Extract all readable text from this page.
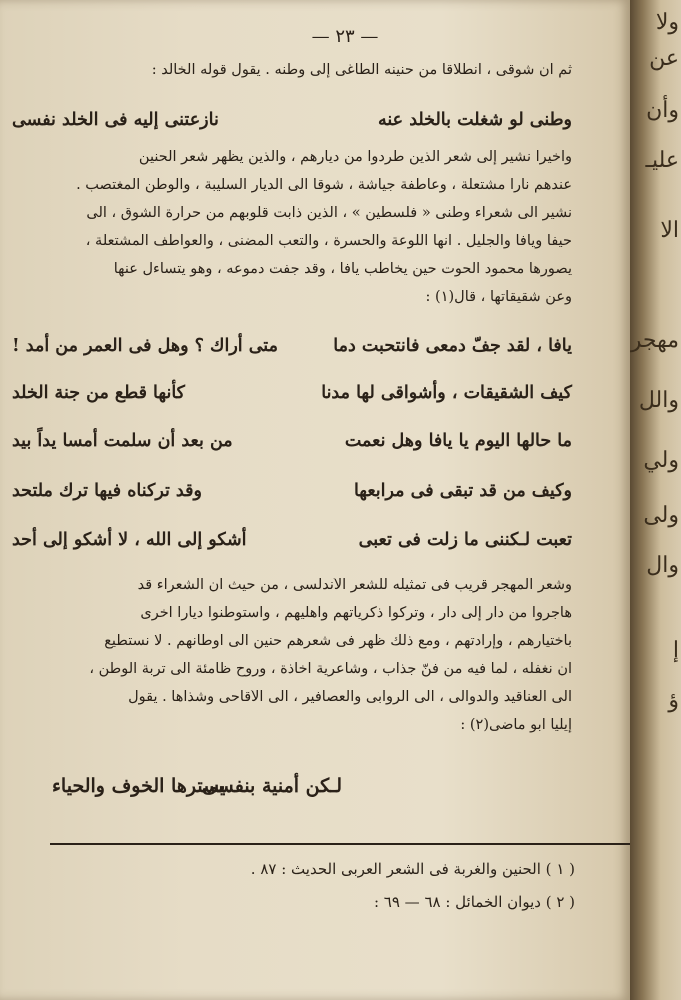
— ٢٣ —
ثم أن شوقى ، انطلاقاً من حنينه الطاغى إلى وطنه . يقول قوله الخالد :
وطنى لو شغلت بالخلد عنه
نازعتنى إليه فى الخلد نفسى
وأخيراً نشير إلى شعر الذين طردوا من ديارهم ، والذين يظهر شعر الحنين
عندهم ناراً مشتعلة ، وعاطفة جياشة ، شوقاً الى الديار السليبة ، والوطن المغتصب .
نشير الى شعراء وطنى « فلسطين » ، الذين ذابت قلوبهم من حرارة الشوق ، الى
حيفا ويافا والجليل . انها اللوعة والحسرة ، والتعب المضنى ، والعواطف المشتعلة ،
يصورها محمود الحوت حين يخاطب يافا ، وقد جفت دموعه ، وهو يتساءل عنها
وعن شقيقاتها ، قال(١) :
يافا ، لقد جفّ دمعى فانتحبت دما
متى أراك ؟ وهل فى العمر من أمد !
كيف الشقيقات ، وأشواقى لها مدنا
كأنها قطع من جنة الخلد
ما حالها اليوم يا يافا وهل نعمت
من بعد أن سلمت أمسا يداً بيد
وكيف من قد تبقى فى مرابعها
وقد تركناه فيها ترك ملتحد
تعبت لـكننى ما زلت فى تعبى
أشكو إلى الله ، لا أشكو إلى أحد
وشعر المهجر قريب فى تمثيله للشعر الأندلسى ، من حيث أن الشعراء قد
هاجروا من دار إلى دار ، وتركوا ذكرياتهم وأهليهم ، واستوطنوا دياراً أخرى
باختيارهم ، وإرادتهم ، ومع ذلك ظهر فى شعرهم حنين الى أوطانهم . لا نستطيع
أن نغفله ، لما فيه من فنّ جذاب ، وشاعرية أخاذة ، وروح ظامئة الى تربة الوطن ،
الى العناقيد والدوالى ، الى الروابى والعصافير ، الى الأقاحى وشذاها . يقول
إيليا أبو ماضى(٢) :
لـكن أمنية بنفسى
يسترها الخوف والحياء
( ١ ) الحنين والغربة فى الشعر العربى الحديث : ٨٧ .
( ٢ ) ديوان الخمائل : ٦٨ — ٦٩ :
ولا
عن
وأن
عليـ
الا
مهجر
والل
ولي
ولى
وال
إ
ؤ
